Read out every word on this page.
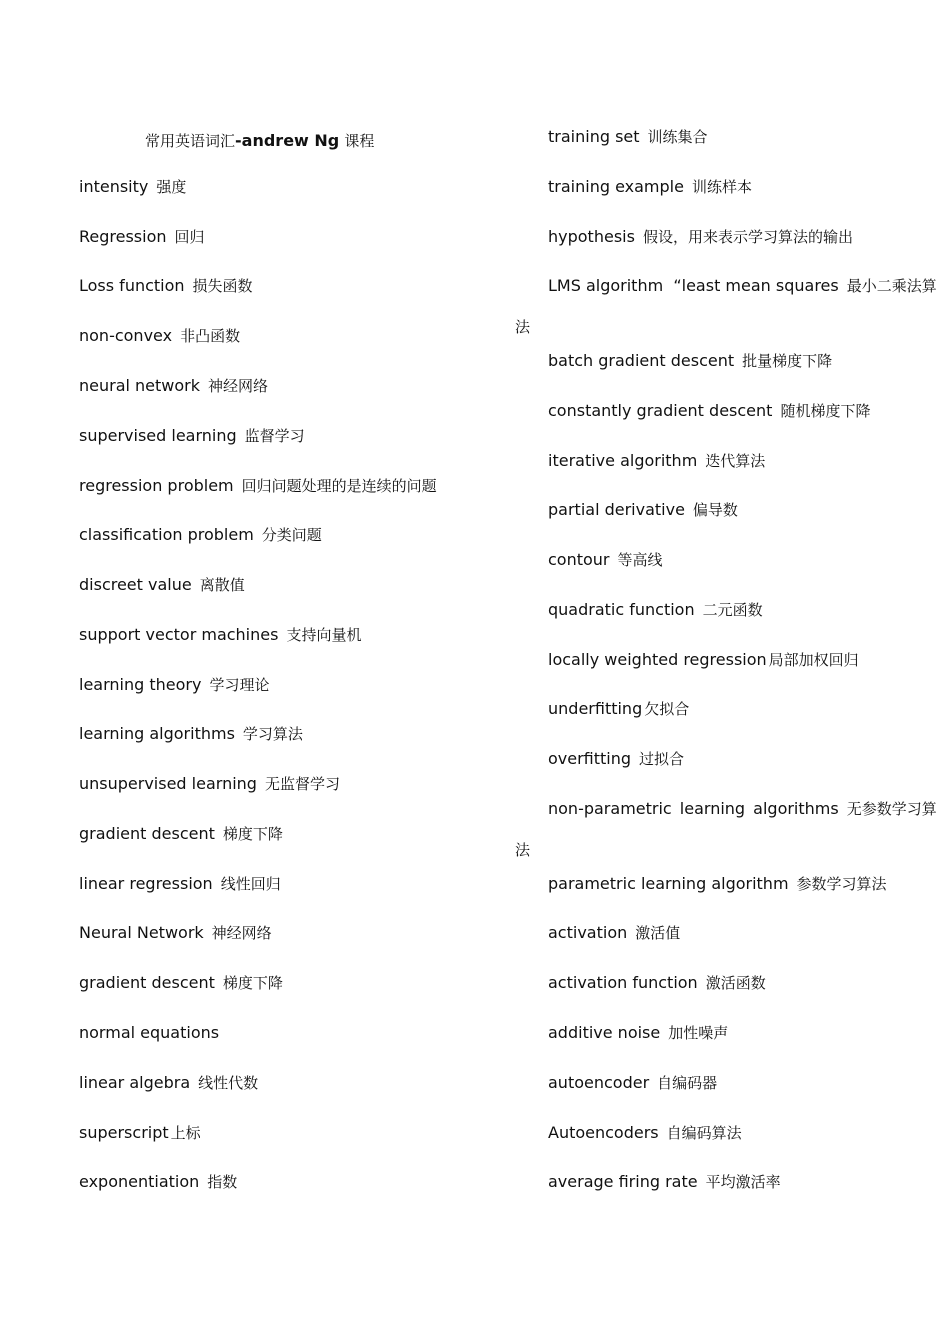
常用英语词汇-andrew Ng 课程
intensity 强度
Regression 回归
Loss function 损失函数
non-convex 非凸函数
neural network 神经网络
supervised learning 监督学习
regression problem 回归问题处理的是连续的问题
classification problem 分类问题
discreet value 离散值
support vector machines 支持向量机
learning theory 学习理论
learning algorithms 学习算法
unsupervised learning 无监督学习
gradient descent 梯度下降
linear regression 线性回归
Neural Network 神经网络
gradient descent 梯度下降
normal equations
linear algebra 线性代数
superscript 上标
exponentiation 指数
training set 训练集合
training example 训练样本
hypothesis 假设，用来表示学习算法的输出
LMS algorithm  “least mean squares 最小二乘法算
法
batch gradient descent 批量梯度下降
constantly gradient descent 随机梯度下降
iterative algorithm 迭代算法
partial derivative 偏导数
contour 等高线
quadratic function 二元函数
locally weighted regression 局部加权回归
underfitting 欠拟合
overfitting 过拟合
non-parametric learning algorithms 无参数学习算
法
parametric learning algorithm 参数学习算法
activation 激活值
activation function 激活函数
additive noise 加性噪声
autoencoder 自编码器
Autoencoders 自编码算法
average firing rate 平均激活率
